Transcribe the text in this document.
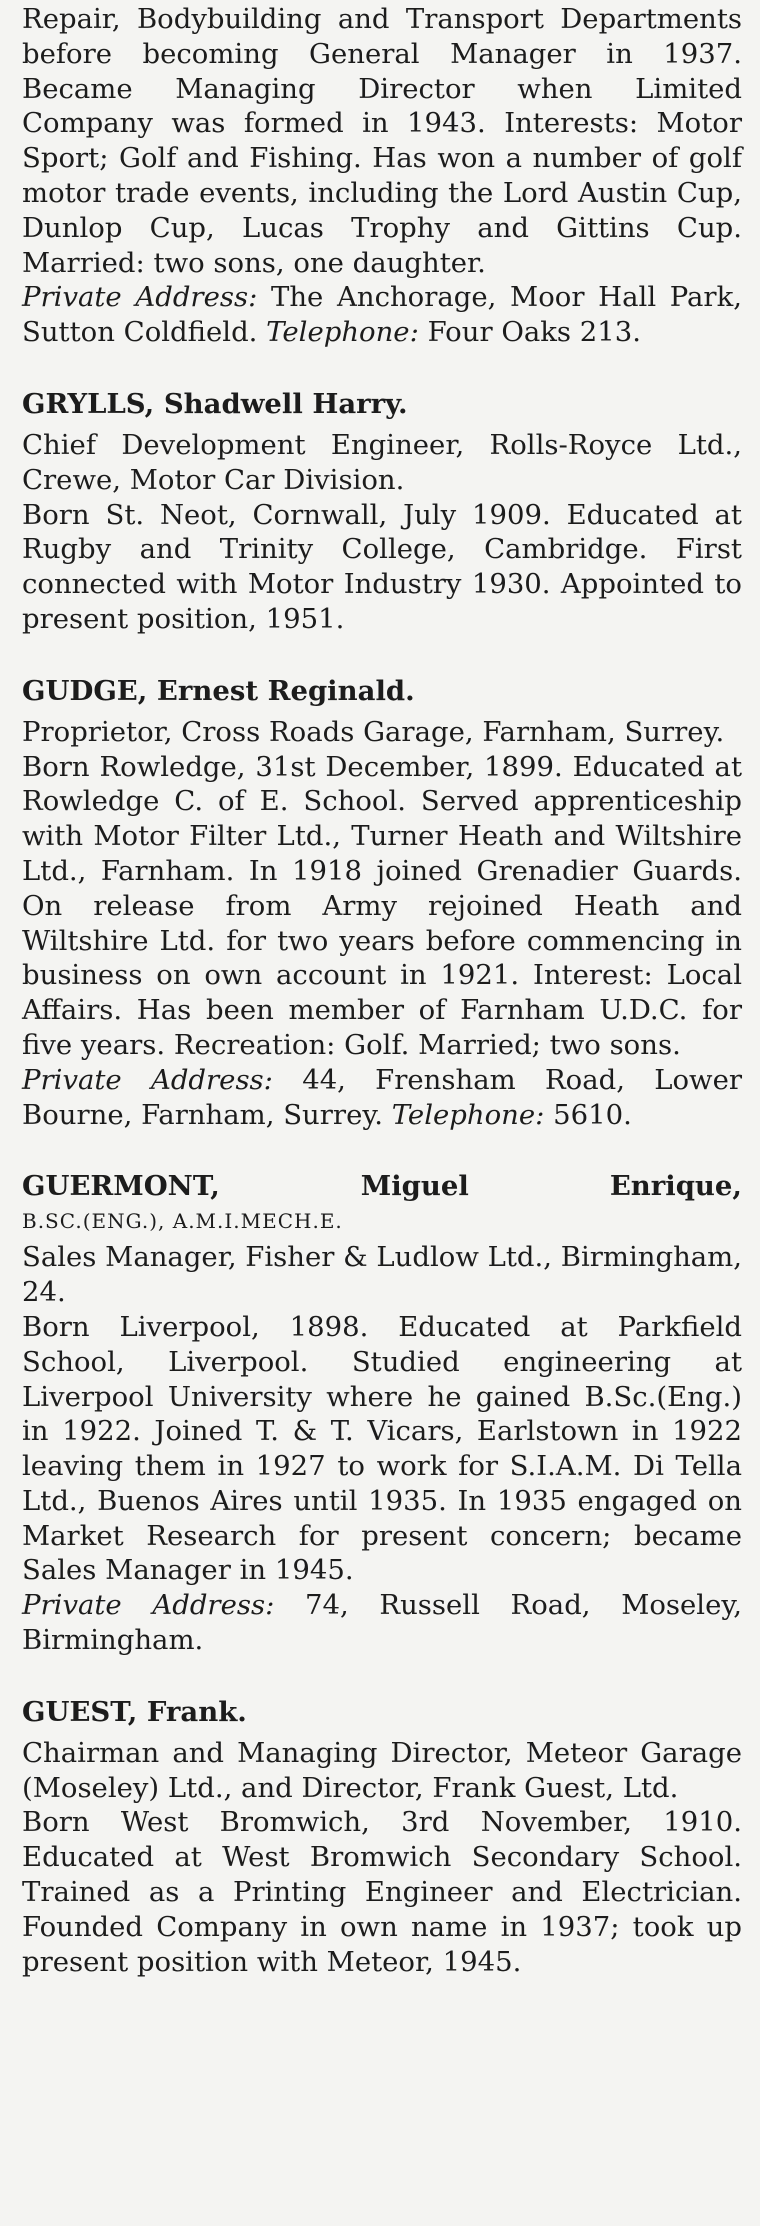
Repair, Bodybuilding and Transport Departments before becoming General Manager in 1937. Became Managing Director when Limited Company was formed in 1943. Interests: Motor Sport; Golf and Fishing. Has won a number of golf motor trade events, including the Lord Austin Cup, Dunlop Cup, Lucas Trophy and Gittins Cup. Married: two sons, one daughter.

Private Address: The Anchorage, Moor Hall Park, Sutton Coldfield. Telephone: Four Oaks 213.

GRYLLS, Shadwell Harry.

Chief Development Engineer, Rolls-Royce Ltd., Crewe, Motor Car Division.

Born St. Neot, Cornwall, July 1909. Educated at Rugby and Trinity College, Cambridge. First connected with Motor Industry 1930. Appointed to present position, 1951.

GUDGE, Ernest Reginald.

Proprietor, Cross Roads Garage, Farnham, Surrey.

Born Rowledge, 31st December, 1899. Educated at Rowledge C. of E. School. Served apprenticeship with Motor Filter Ltd., Turner Heath and Wiltshire Ltd., Farnham. In 1918 joined Grenadier Guards. On release from Army rejoined Heath and Wiltshire Ltd. for two years before commencing in business on own account in 1921. Interest: Local Affairs. Has been member of Farnham U.D.C. for five years. Recreation: Golf. Married; two sons.

Private Address: 44, Frensham Road, Lower Bourne, Farnham, Surrey. Telephone: 5610.

GUERMONT,	Miguel	Enrique,
B.SC.(ENG.), A.M.I.MECH.E.

Sales Manager, Fisher & Ludlow Ltd., Birmingham, 24.

Born Liverpool, 1898. Educated at Parkfield School, Liverpool. Studied engineering at Liverpool University where he gained B.Sc.(Eng.) in 1922. Joined T. & T. Vicars, Earlstown in 1922 leaving them in 1927 to work for S.I.A.M. Di Tella Ltd., Buenos Aires until 1935. In 1935 engaged on Market Research for present concern; became Sales Manager in 1945.

Private Address: 74, Russell Road, Moseley, Birmingham.

GUEST, Frank.

Chairman and Managing Director, Meteor Garage (Moseley) Ltd., and Director, Frank Guest, Ltd.

Born West Bromwich, 3rd November, 1910. Educated at West Bromwich Secondary School. Trained as a Printing Engineer and Electrician. Founded Company in own name in 1937; took up present position with Meteor, 1945.
